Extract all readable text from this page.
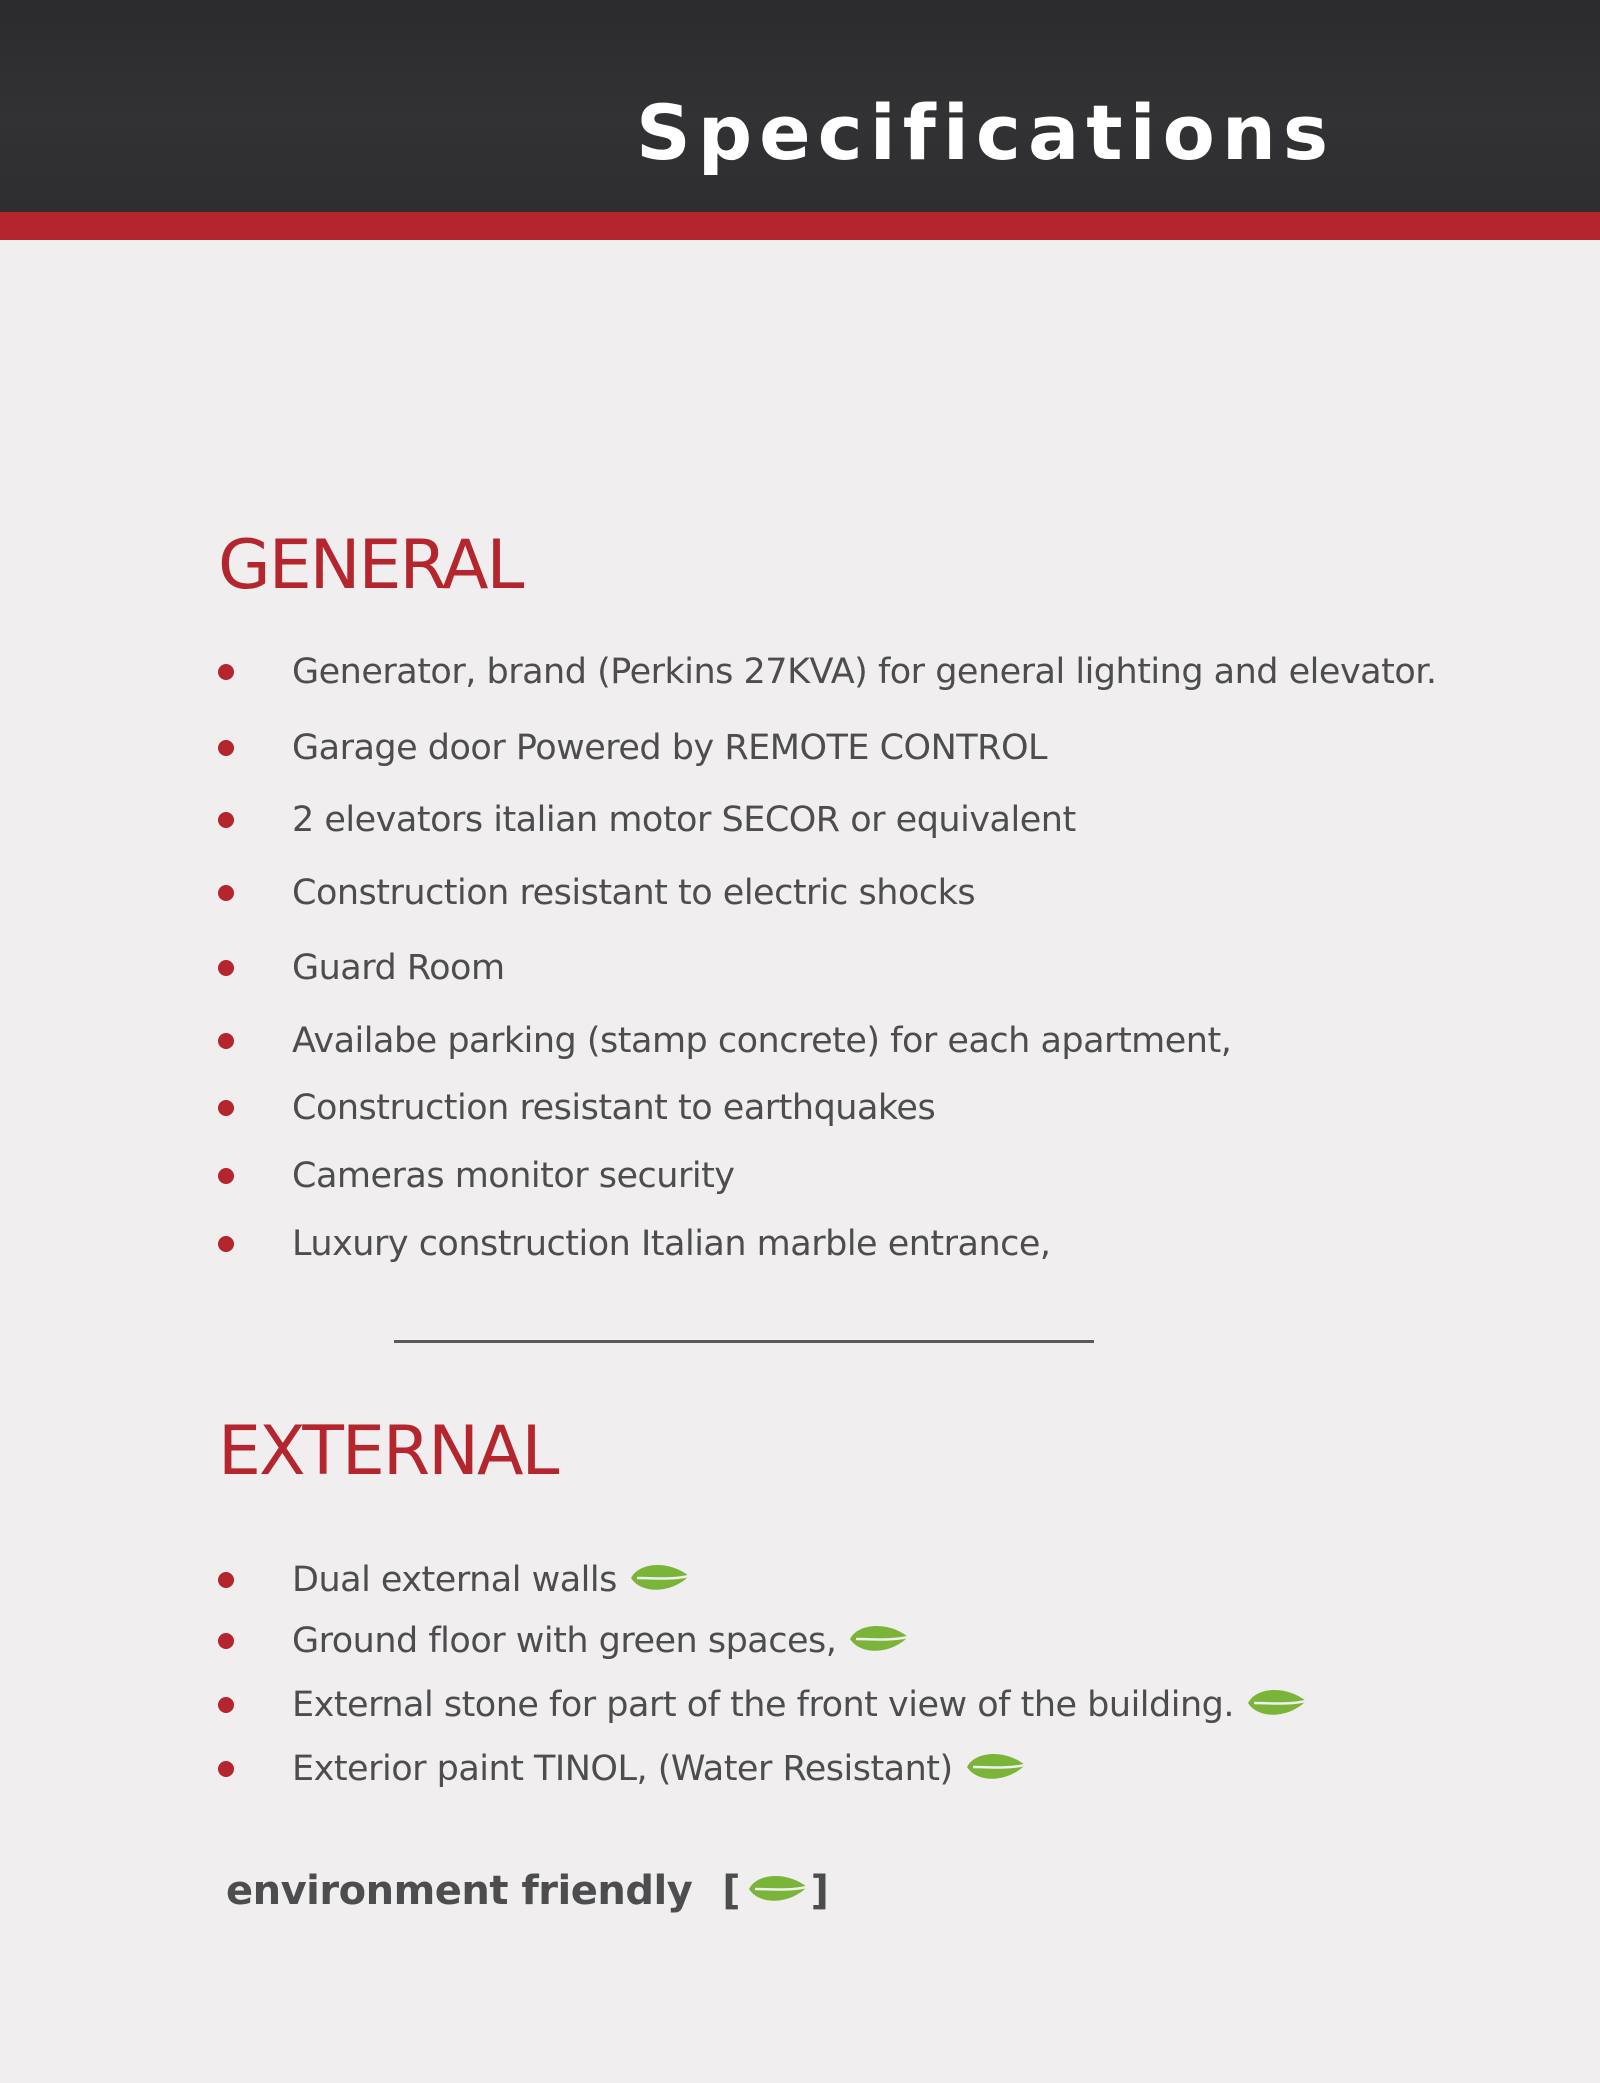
Specifications
GENERAL
Generator, brand (Perkins 27KVA) for general lighting and elevator.
Garage door Powered by REMOTE CONTROL
2 elevators italian motor SECOR or equivalent
Construction resistant to electric shocks
Guard Room
Availabe parking (stamp concrete) for each apartment,
Construction resistant to earthquakes
Cameras monitor security
Luxury construction Italian marble entrance,
EXTERNAL
Dual external walls
Ground floor with green spaces,
External stone for part of the front view of the building.
Exterior paint TINOL, (Water Resistant)
environment friendly [ ]
